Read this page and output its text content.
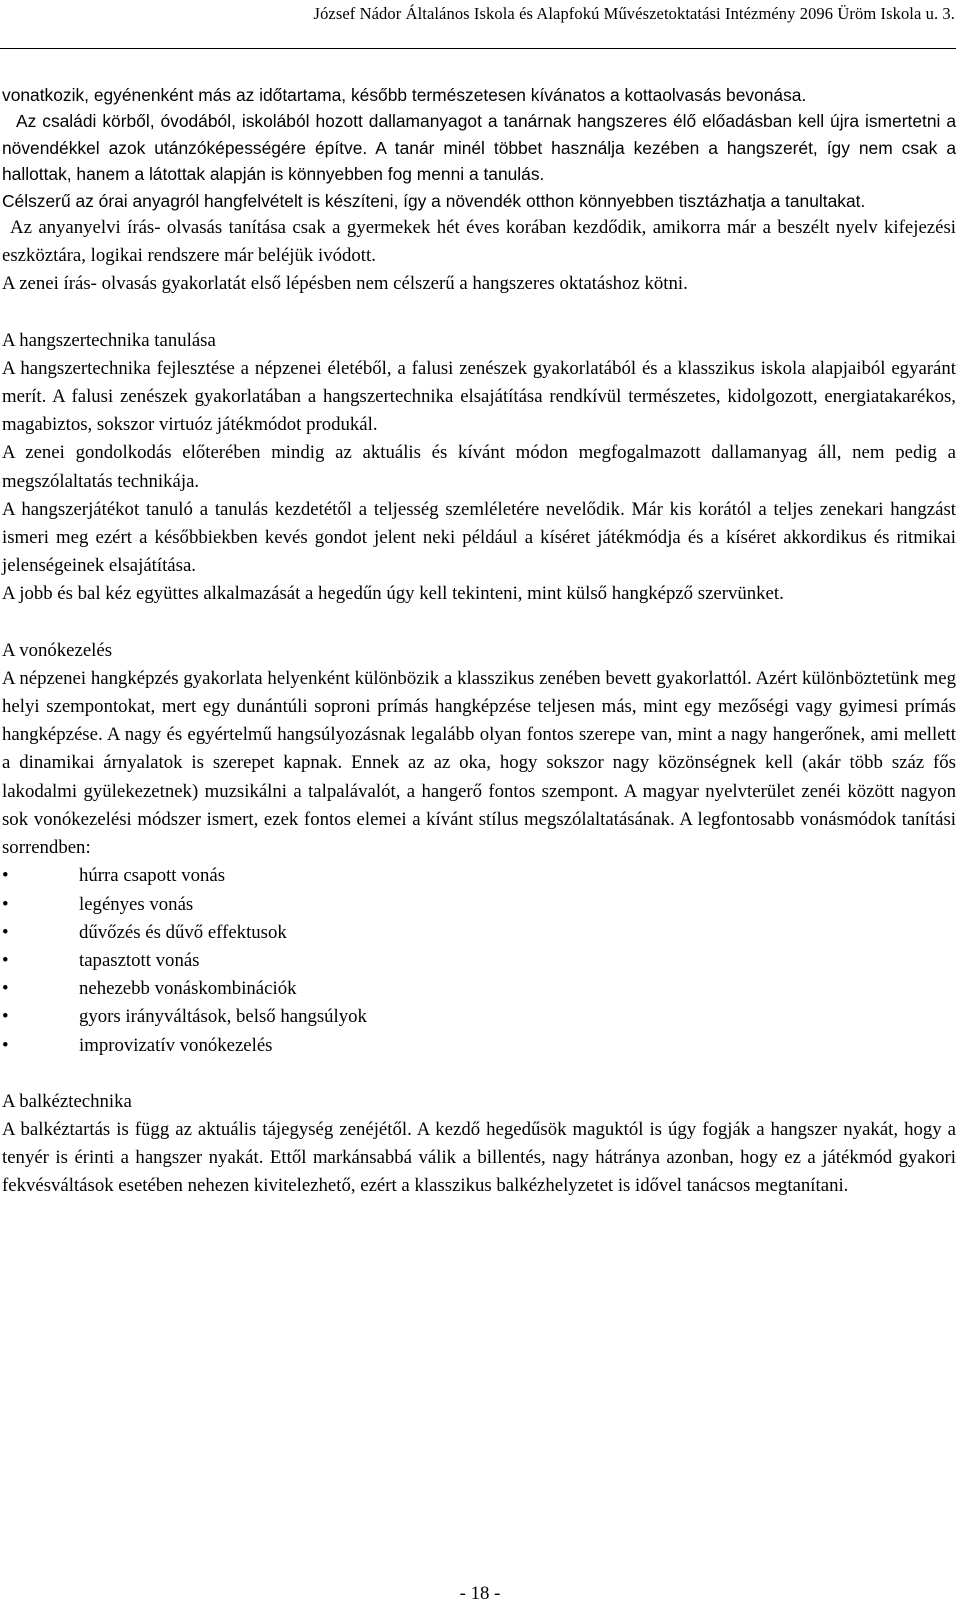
József Nádor Általános Iskola és Alapfokú Művészetoktatási Intézmény 2096 Üröm Iskola u. 3.

vonatkozik, egyénenként más az időtartama, később természetesen kívánatos a kottaolvasás bevonása.

Az családi körből, óvodából, iskolából hozott dallamanyagot a tanárnak hangszeres élő előadásban kell újra ismertetni a növendékkel azok utánzóképességére építve. A tanár minél többet használja kezében a hangszerét, így nem csak a hallottak, hanem a látottak alapján is könnyebben fog menni a tanulás.

Célszerű az órai anyagról hangfelvételt is készíteni, így a növendék otthon könnyebben tisztázhatja a tanultakat.

Az anyanyelvi írás- olvasás tanítása csak a gyermekek hét éves korában kezdődik, amikorra már a beszélt nyelv kifejezési eszköztára, logikai rendszere már beléjük ivódott.

A zenei írás- olvasás gyakorlatát első lépésben nem célszerű a hangszeres oktatáshoz kötni.

A hangszertechnika tanulása

A hangszertechnika fejlesztése a népzenei életéből, a falusi zenészek gyakorlatából és a klasszikus iskola alapjaiból egyaránt merít. A falusi zenészek gyakorlatában a hangszertechnika elsajátítása rendkívül természetes, kidolgozott, energiatakarékos, magabiztos, sokszor virtuóz játékmódot produkál.

A zenei gondolkodás előterében mindig az aktuális és kívánt módon megfogalmazott dallamanyag áll, nem pedig a megszólaltatás technikája.

A hangszerjátékot tanuló a tanulás kezdetétől a teljesség szemléletére nevelődik. Már kis korától a teljes zenekari hangzást ismeri meg ezért a későbbiekben kevés gondot jelent neki például a kíséret játékmódja és a kíséret akkordikus és ritmikai jelenségeinek elsajátítása.

A jobb és bal kéz együttes alkalmazását a hegedűn úgy kell tekinteni, mint külső hangképző szervünket.

A vonókezelés

A népzenei hangképzés gyakorlata helyenként különbözik a klasszikus zenében bevett gyakorlattól. Azért különböztetünk meg helyi szempontokat, mert egy dunántúli soproni prímás hangképzése teljesen más, mint egy mezőségi vagy gyimesi prímás hangképzése. A nagy és egyértelmű hangsúlyozásnak legalább olyan fontos szerepe van, mint a nagy hangerőnek, ami mellett a dinamikai árnyalatok is szerepet kapnak. Ennek az az oka, hogy sokszor nagy közönségnek kell (akár több száz fős lakodalmi gyülekezetnek) muzsikálni a talpalávalót, a hangerő fontos szempont. A magyar nyelvterület zenéi között nagyon sok vonókezelési módszer ismert, ezek fontos elemei a kívánt stílus megszólaltatásának. A legfontosabb vonásmódok tanítási sorrendben:

•	húrra csapott vonás
•	legényes vonás
•	dűvőzés és dűvő effektusok
•	tapasztott vonás
•	nehezebb vonáskombinációk
•	gyors irányváltások, belső hangsúlyok
•	improvizatív vonókezelés

A balkéztechnika

A balkéztartás is függ az aktuális tájegység zenéjétől. A kezdő hegedűsök maguktól is úgy fogják a hangszer nyakát, hogy a tenyér is érinti a hangszer nyakát. Ettől markánsabbá válik a billentés, nagy hátránya azonban, hogy ez a játékmód gyakori fekvésváltások esetében nehezen kivitelezhető, ezért a klasszikus balkézhelyzetet is idővel tanácsos megtanítani.

- 18 -
